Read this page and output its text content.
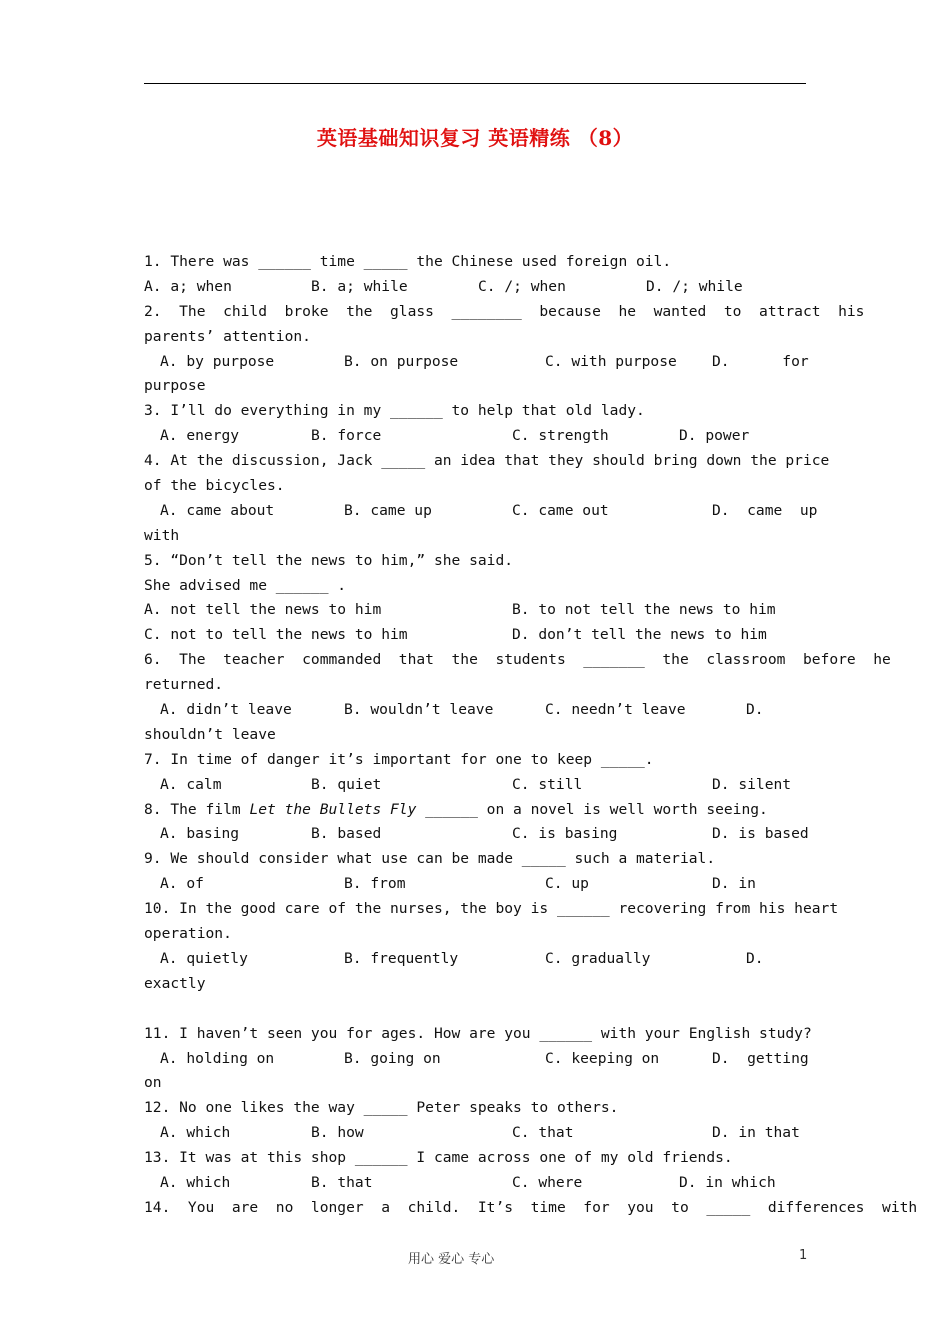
英语基础知识复习 英语精练 （8）
1. There was ______ time _____ the Chinese used foreign oil.

A. a; when

	B. a; while

	C. /; when

	D. /; while

2.  The  child  broke  the  glass  ________  because  he  wanted  to  attract  his
parents’ attention.

A. by purpose

	B. on purpose

	C. with purpose

D.      for

purpose
3. I’ll do everything in my ______ to help that old lady.

A. energy

	B. force

	C. strength

	D. power

4. At the discussion, Jack _____ an idea that they should bring down the price
of the bicycles.

A. came about

	B. came up

	C. came out

	D.  came  up

with
5. “Don’t tell the news to him,” she said.
She advised me ______ .

A. not tell the news to him

	B. to not tell the news to him

C. not to tell the news to him

	D. don’t tell the news to him

6.  The  teacher  commanded  that  the  students  _______  the  classroom  before  he
returned.

A. didn’t leave

	B. wouldn’t leave

	C. needn’t leave

	D.

shouldn’t leave
7. In time of danger it’s important for one to keep _____.

A. calm

	B. quiet

	C. still

	D. silent

8. The film Let the Bullets Fly ______ on a novel is well worth seeing.

A. basing

	B. based

	C. is basing

	D. is based

9. We should consider what use can be made _____ such a material.

A. of

	B. from

	C. up

	D. in

10. In the good care of the nurses, the boy is ______ recovering from his heart
operation.

A. quietly

	B. frequently

	C. gradually

	D.

exactly
11. I haven’t seen you for ages. How are you ______ with your English study?

A. holding on

	B. going on

	C. keeping on

	D.  getting

on
12. No one likes the way _____ Peter speaks to others.

A. which

	B. how

	C. that

	D. in that

13. It was at this shop ______ I came across one of my old friends.

A. which

	B. that

	C. where

	D. in which

14.  You  are  no  longer  a  child.  It’s  time  for  you  to  _____  differences  with
用心 爱心 专心	1
